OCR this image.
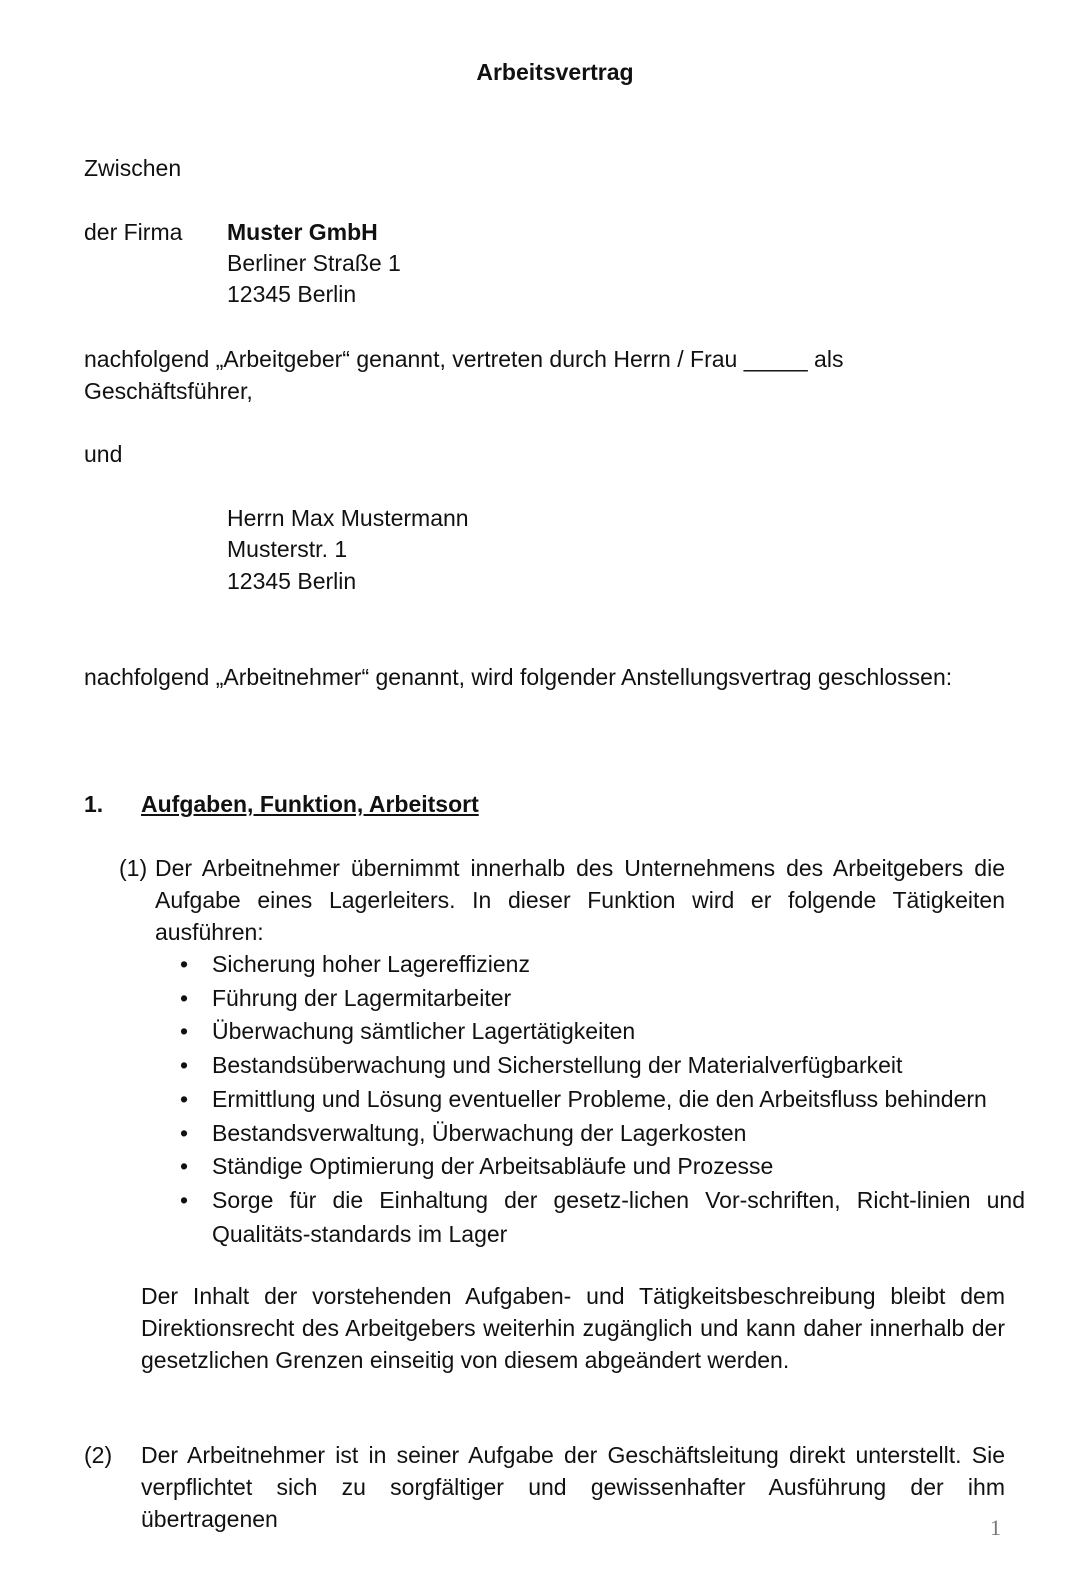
Arbeitsvertrag
Zwischen
der Firma Muster GmbH
Berliner Straße 1
12345 Berlin
nachfolgend „Arbeitgeber“ genannt, vertreten durch Herrn / Frau _____ als
Geschäftsführer,
und
Herrn Max Mustermann
Musterstr. 1
12345 Berlin
nachfolgend „Arbeitnehmer“ genannt, wird folgender Anstellungsvertrag geschlossen:
1. Aufgaben, Funktion, Arbeitsort
(1) Der Arbeitnehmer übernimmt innerhalb des Unternehmens des Arbeitgebers die Aufgabe eines Lagerleiters. In dieser Funktion wird er folgende Tätigkeiten ausführen:
• Sicherung hoher Lagereffizienz
• Führung der Lagermitarbeiter
• Überwachung sämtlicher Lagertätigkeiten
• Bestandsüberwachung und Sicherstellung der Materialverfügbarkeit
• Ermittlung und Lösung eventueller Probleme, die den Arbeitsfluss behindern
• Bestandsverwaltung, Überwachung der Lagerkosten
• Ständige Optimierung der Arbeitsabläufe und Prozesse
• Sorge für die Einhaltung der gesetz-lichen Vor-schriften, Richt-linien und Qualitäts-standards im Lager
Der Inhalt der vorstehenden Aufgaben- und Tätigkeitsbeschreibung bleibt dem Direktionsrecht des Arbeitgebers weiterhin zugänglich und kann daher innerhalb der gesetzlichen Grenzen einseitig von diesem abgeändert werden.
(2) Der Arbeitnehmer ist in seiner Aufgabe der Geschäftsleitung direkt unterstellt. Sie verpflichtet sich zu sorgfältiger und gewissenhafter Ausführung der ihm übertragenen	1
